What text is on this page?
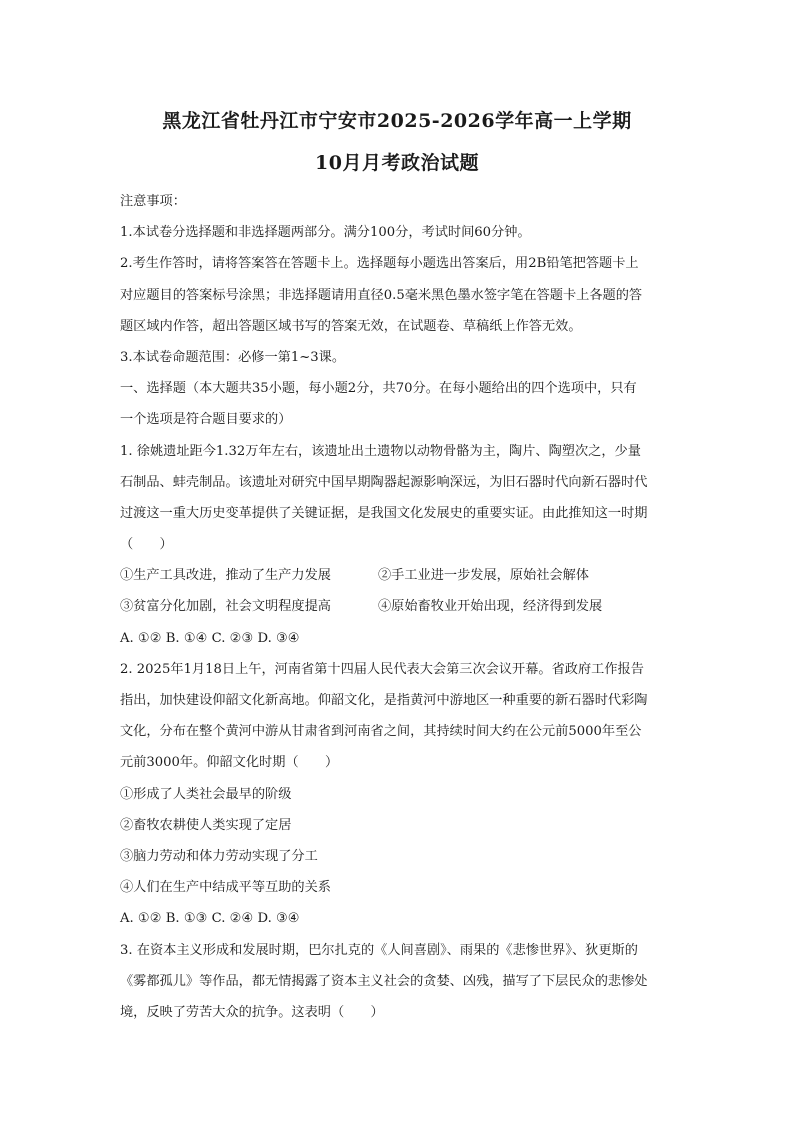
黑龙江省牡丹江市宁安市2025-2026学年高一上学期
10月月考政治试题
注意事项：
1.本试卷分选择题和非选择题两部分。满分100分，考试时间60分钟。
2.考生作答时，请将答案答在答题卡上。选择题每小题选出答案后，用2B铅笔把答题卡上
对应题目的答案标号涂黑；非选择题请用直径0.5毫米黑色墨水签字笔在答题卡上各题的答
题区域内作答，超出答题区域书写的答案无效，在试题卷、草稿纸上作答无效。
3.本试卷命题范围：必修一第1~3课。
一、选择题（本大题共35小题，每小题2分，共70分。在每小题给出的四个选项中，只有
一个选项是符合题目要求的）
1. 徐姚遗址距今1.32万年左右，该遗址出土遗物以动物骨骼为主，陶片、陶塑次之，少量
石制品、蚌壳制品。该遗址对研究中国早期陶器起源影响深远，为旧石器时代向新石器时代
过渡这一重大历史变革提供了关键证据，是我国文化发展史的重要实证。由此推知这一时期
（　　）
①生产工具改进，推动了生产力发展	②手工业进一步发展，原始社会解体
③贫富分化加剧，社会文明程度提高	④原始畜牧业开始出现，经济得到发展
A. ①② B. ①④ C. ②③ D. ③④
2. 2025年1月18日上午，河南省第十四届人民代表大会第三次会议开幕。省政府工作报告
指出，加快建设仰韶文化新高地。仰韶文化，是指黄河中游地区一种重要的新石器时代彩陶
文化，分布在整个黄河中游从甘肃省到河南省之间，其持续时间大约在公元前5000年至公
元前3000年。仰韶文化时期（　　）
①形成了人类社会最早的阶级
②畜牧农耕使人类实现了定居
③脑力劳动和体力劳动实现了分工
④人们在生产中结成平等互助的关系
A. ①② B. ①③ C. ②④ D. ③④
3. 在资本主义形成和发展时期，巴尔扎克的《人间喜剧》、雨果的《悲惨世界》、狄更斯的
《雾都孤儿》等作品，都无情揭露了资本主义社会的贪婪、凶残，描写了下层民众的悲惨处
境，反映了劳苦大众的抗争。这表明（　　）
